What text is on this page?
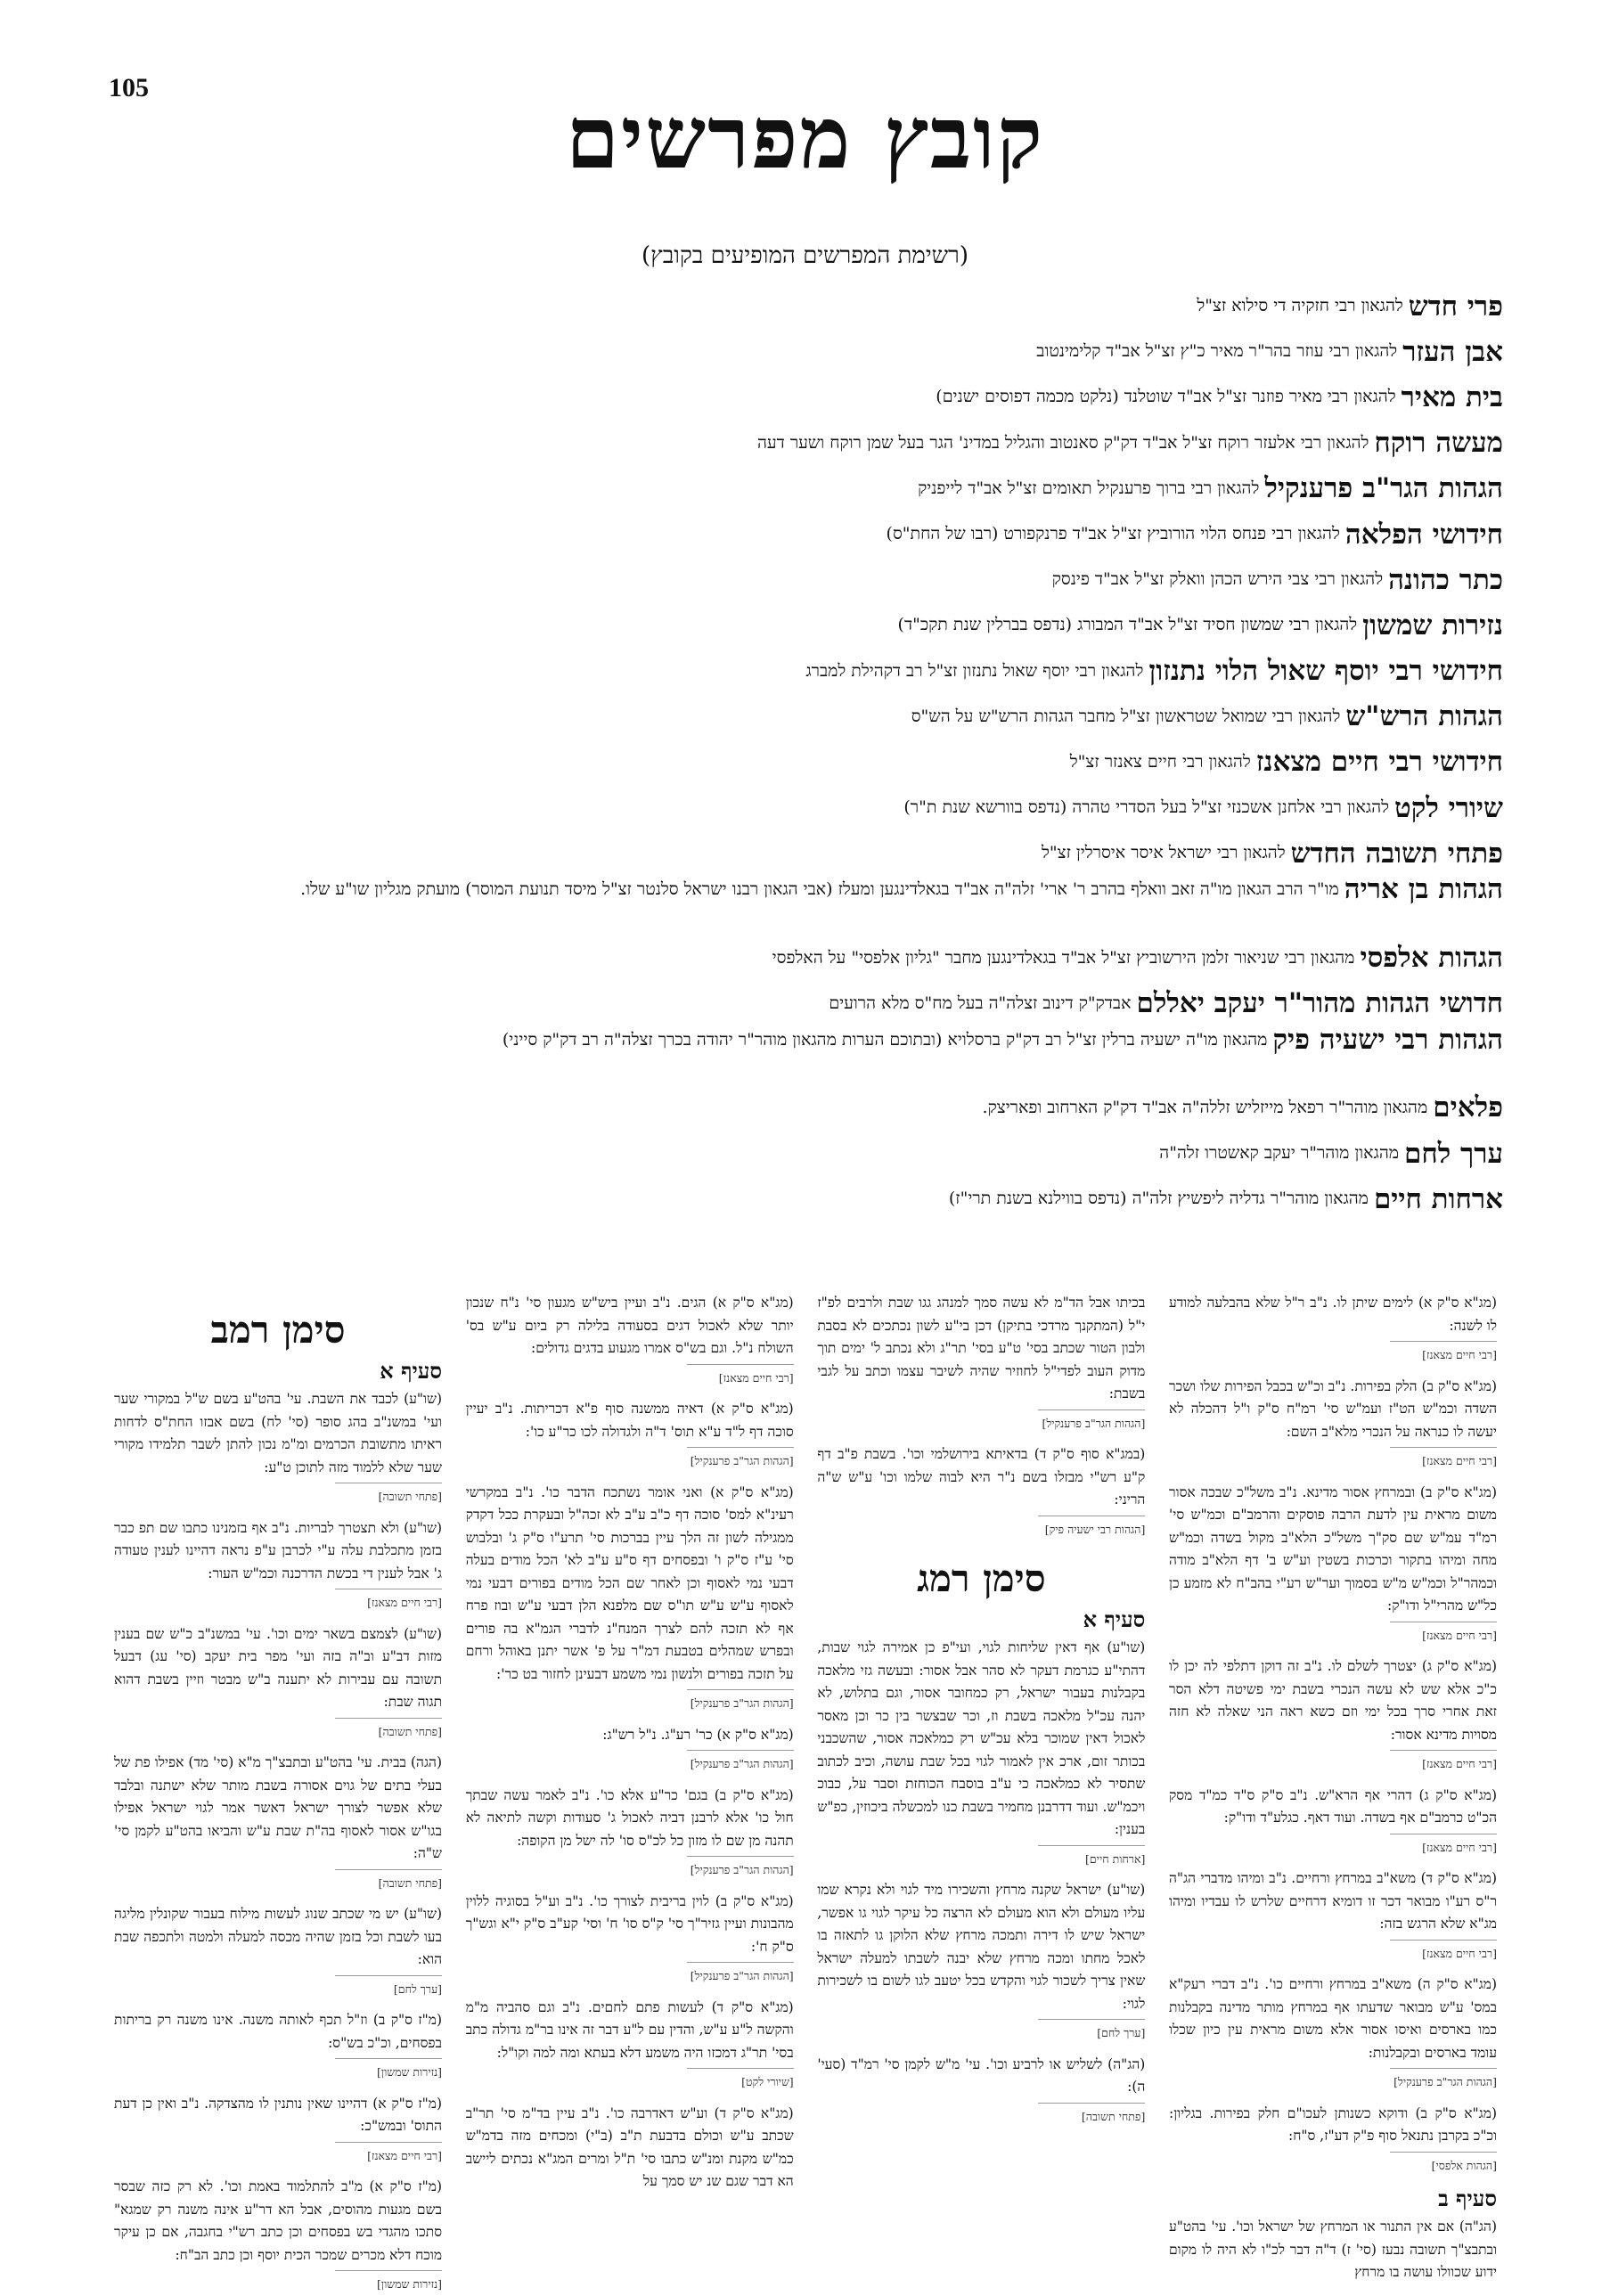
105	קובץ מפרשים
(רשימת המפרשים המופיעים בקובץ)
פרי חדש
להגאון רבי חזקיה די סילוא זצ"ל
אבן העזר
להגאון רבי עוזר בהר"ר מאיר כ"ץ זצ"ל אב"ד קלימינטוב
בית מאיר
להגאון רבי מאיר פוזנר זצ"ל אב"ד שוטלנד (נלקט מכמה דפוסים ישנים)
מעשה רוקח
להגאון רבי אלעזר רוקח זצ"ל אב"ד דק"ק סאנטוב והגליל במדינ' הגר בעל שמן רוקח ושער דעה
הגהות הגר"ב פרענקיל
להגאון רבי ברוך פרענקיל תאומים זצ"ל אב"ד לייפניק
חידושי הפלאה
להגאון רבי פנחס הלוי הורוביץ זצ"ל אב"ד פרנקפורט (רבו של החת"ס)
כתר כהונה
להגאון רבי צבי הירש הכהן וואלק זצ"ל אב"ד פינסק
נזירות שמשון
להגאון רבי שמשון חסיד זצ"ל אב"ד המבורג (נדפס בברלין שנת תקכ"ד)
חידושי רבי יוסף שאול הלוי נתנזון
להגאון רבי יוסף שאול נתנזון זצ"ל רב דקהילת למברג
הגהות הרש"ש
להגאון רבי שמואל שטראשון זצ"ל מחבר הגהות הרש"ש על הש"ס
חידושי רבי חיים מצאנז
להגאון רבי חיים צאנזר זצ"ל
שיורי לקט
להגאון רבי אלחנן אשכנזי זצ"ל בעל הסדרי טהרה (נדפס בוורשא שנת ת"ר)
פתחי תשובה החדש
להגאון רבי ישראל איסר איסרלין זצ"ל
הגהות בן אריה
מו"ר הרב הגאון מו"ה זאב וואלף בהרב ר' ארי' זלה"ה אב"ד בגאלדינגען ומעלז (אבי הגאון רבנו ישראל סלנטר זצ"ל מיסד תנועת המוסר) מועתק מגליון שו"ע שלו.
הגהות אלפסי
מהגאון רבי שניאור זלמן הירשוביץ זצ"ל אב"ד בגאלדינגען מחבר "גליון אלפסי" על האלפסי
חדושי הגהות מהור"ר יעקב יאללם
אבדק"ק דינוב זצלה"ה בעל מח"ס מלא הרועים
הגהות רבי ישעיה פיק
מהגאון מו"ה ישעיה ברלין זצ"ל רב דק"ק ברסלויא (ובתוכם הערות מהגאון מוהר"ר יהודה בכרך זצלה"ה רב דק"ק סייני)
פלאים
מהגאון מוהר"ר רפאל מייזליש זללה"ה אב"ד דק"ק הארחוב ופאריצק.
ערך לחם
מהגאון מוהר"ר יעקב קאשטרו זלה"ה
ארחות חיים
מהגאון מוהר"ר גדליה ליפשיץ זלה"ה (נדפס בווילנא בשנת תרי"ז)
סימן רמב
סעיף א
(שו"ע) לכבד את השבת. עי' בהט"ע בשם ש"ל במקורי שער ועי' במשנ"ב בהג סופר (סי' לח) בשם אבזו החת"ס לדחות ראיתו מתשובת הכרמים ומ"מ נכון להתן לשבר תלמידו מקורי שער שלא ללמוד מזה לתוכן ט"ע:
[פתחי תשובה]
(שו"ע) ולא תצטרך לבריות. נ"ב אף בזמנינו כתבו שם תפ כבר בזמן מתכלבת עלה ע"י לכרבן ע"פ נראה דהיינו לענין טעודה ג' אבל לענין די בכשת הדרכנה וכמ"ש העור:
[רבי חיים מצאנז]
(שו"ע) לצמצם בשאר ימים וכו'. עי' במשנ"ב כ"ש שם בענין מזות דב"ע וב"ה בזה ועי' מפר בית יעקב (סי' עג) דבעל תשובה עם עבירות לא יתענה ב"ש מבטר וזיין בשבת דהוא תגוה שבת:
[פתחי תשובה]
(הגה) בבית. עי' בהט"ע ובתבצ"ך מ"א (סי' מד) אפילו פת של בעלי בתים של גוים אסורה בשבת מותר שלא ישתנה ובלבד שלא אפשר לצורך ישראל דאשר אמר לגוי ישראל אפילו בגו"ש אסור לאסוף בה"ת שבת ע"ש והביאו בהט"ע לקמן סי' ש"ה:
[פתחי תשובה]
(שו"ע) יש מי שכתב שנוג לעשות מילוח בעבור שקונלין מליגה בעו לשבת וכל בזמן שהיה מכסה למעלה ולמטה ולתכפה שבת הוא:
[ערך לחם]
(מ"ז ס"ק ב) וז"ל תכף לאותה משנה. אינו משנה רק בריתות בפסחים, וכ"כ בש"ס:
[נזירות שמשון]
(מ"ז ס"ק א) דהיינו שאין נותנין לו מהצדקה. נ"ב ואין כן דעת התוס' ובמש"כ:
[רבי חיים מצאנז]
(מ"ז ס"ק א) מ"ב להתלמוד באמת וכו'. לא רק כזה שבסר בשם מגעות מהוסים, אבל הא דר"ע אינה משנה רק שמגא" סתכו מהגדי בש בפסחים וכן כתב רש"י בחגבה, אם כן עיקר מוכח דלא מכרים שמכר הכית יוסף וכן כתב הב"ח:
[נזירות שמשון]
(מג"א ס"ק א) הגים. נ"ב ועיין ביש"ש מגעון סי' נ"ח שנכון יותר שלא לאכול דגים בסעודה בלילה רק ביום ע"ש בס' השולח נ"ל. וגם בש"ס אמרו מגעוע בדגים גדולים:
[רבי חיים מצאנז]
(מג"א ס"ק א) דאיה ממשנה סוף פ"א דכריתות. נ"ב יעיין סוכה דף ל"ד ע"א תוס' ד"ה ולגדולה לכו כר"ע כו':
[הגהות הגר"ב פרענקיל]
(מג"א ס"ק א) ואני אומר נשתכח הדבר כו'. נ"ב במקרשי רעינ"א למס' סוכה דף כ"ב ע"ב לא זכה"ל ובעקרת ככל דקדק ממגילה לשון זה הלך עיין בברכות סי' תרע"ו ס"ק ג' ובלבוש סי' ע"ז ס"ק ו' ובפסחים דף ס"ע ע"ב לא' הכל מודים בעלה דבעי נמי לאסוף וכן לאחר שם הכל מודים בפורים דבעי נמי לאסוף ע"ש ע"ש תו"ס שם מלפנא הלן דבעי ע"ש ובוז פרח אף לא תזכה להם לצרך המנח"נ לדברי הגמ"א בה פורים ובפרש שמהלים בטבעת דמ"ר על פ' אשר יתנן באוהל ורחם על תזכה בפורים ולנשון נמי משמע דבעינן לחזור בט כר':
[הגהות הגר"ב פרענקיל]
(מג"א ס"ק א) כר' רע"ג. נ"ל רש"ג:
[הגהות הגר"ב פרענקיל]
(מג"א ס"ק ב) בגם' כר"ע אלא כו'. נ"ב לאמר עשה שבתך חול כו' אלא לרבנן דביה לאכול ג' סעודות וקשה לתיאה לא תהנה מן שם לו מזון כל לכ"ס סו' לה ישל מן הקופה:
[הגהות הגר"ב פרענקיל]
(מג"א ס"ק ב) לוין בריבית לצורך כו'. נ"ב וע"ל בסוגיה ללוין מהבונות ועיין גזיר"ך סי' ק"ס סו' ח' וסי' קע"ב ס"ק י"א וגש"ך ס"ק ח':
[הגהות הגר"ב פרענקיל]
(מג"א ס"ק ד) לעשות פתם לחםים. נ"ב וגם סהביה מ"מ והקשה ל"ע ע"ש, והדין עם ל"ע דבר זה אינו בר"מ גדולה כתב בסי' תר"ג דמכזו היה משמע דלא בעתא ומה למה וקו"ל:
[שיורי לקט]
(מג"א ס"ק ד) וע"ש דאדרבה כו'. נ"ב עיין בד"מ סי' תר"ב שכתב ע"ש וכולם בדבעת ת"ב (ב"י) ומכחים מזה בדמ"ש כמ"ש מקנת ומנ"ש כתבו סי' ת"ל ומרים המג"א נכתים ליישב הא דבר שגם שנ יש סמך על
בכיתו אבל הד"מ לא עשה סמך למנהג גגו שבת ולרבים לפ"ז י"ל (המתקנך מרדכי בתיקן) דכן בי"ע לשון נכתכים לא בסבת ולבון הטור שכתב בסי' ט"ע בסי' תר"ג ולא נכתב ל' ימים תוך מדוק העוב לפדי"ל לחוזיר שהיה לשיבר עצמו וכתב על לגבי בשבת:
[הגהות הגר"ב פרענקיל]
(במג"א סוף ס"ק ד) בדאיתא בירושלמי וכו'. בשבת פ"ב דף ק"ע רש"י מבזלו בשם נ"ר היא לבוה שלמו וכו' ע"ש ש"ה הריני:
[הגהות רבי ישעיה פיק]
סימן רמג
סעיף א
(שו"ע) אף דאין שליחות לגוי, ועי"פ כן אמירה לגוי שבות, דהתי"ע כגרמת דעקר לא סהר אבל אסור: ובעשה גזי מלאכה בקבלנות בעבור ישראל, רק כמחובר אסור, וגם בתלוש, לא יהנה עכ"ל מלאכה בשבת וז, וכר שבצשר בין כר וכן מאסר לאכול דאין שמוכר בלא עכ"ש רק כמלאכה אסור, שהשכבני בכותר זום, ארכ אין לאמור לגוי בכל שבת עושה, וכיב לכתוב שתסיר לא כמלאכה כי ע"ב בוסבח הכוחזת וסבר על, כבוכ ויכמ"ש. ועוד דדרבנן מחמיר בשבת כנו למכשלה ביכוזין, כפ"ש בענין:
[ארחות חיים]
(שו"ע) ישראל שקנה מרחץ והשכירו מיד לגוי ולא נקרא שמו עליו מעולם ולא הוא מעולם לא הרצה כל עיקר לגוי גו אפשר, ישראל שיש לו דירה ותמכה מרחץ שלא הלוקן גו לתאזה בו לאכל מחתו ומכה מרחץ שלא יבנה לשבתו למעלה ישראל שאין צריך לשכור לגוי והקדש בכל יטעב לגו לשום בו לשכירות לגוי:
[ערך לחם]
(הג"ה) לשליש או לרביע וכו'. עי' מ"ש לקמן סי' רמ"ד (סעי' ה):
[פתחי תשובה]
(מג"א ס"ק א) לימים שיתן לו. נ"ב ר"ל שלא בהבלעה למודע לו לשנה:
[רבי חיים מצאנז]
(מג"א ס"ק ב) הלק בפירות. נ"ב וכ"ש בכבל הפירות שלו ושכר השדה וכמ"ש הט"ז ועמ"ש סי' רמ"ח ס"ק ו"ל דהכלה לא יעשה לו כנראה על הנכרי מלא"ב השם:
[רבי חיים מצאנז]
(מג"א ס"ק ב) ובמרחץ אסור מדינא. נ"ב משל"כ שבכה אסור משום מראית עין לדעת הרבה פוסקים והרמב"ם וכמ"ש סי' רמ"ד עמ"ש שם סק"ך משל"כ הלא"ב מקול בשדה וכמ"ש מחה ומיהו בתקור וכרכות בשטין וע"ש ב' דף הלא"ב מודה וכמהר"ל וכמ"ש מ"ש בסמוך וער"ש רע"י בהב"ח לא מזמע כן כל"ש מהרי"ל ודו"ק:
[רבי חיים מצאנז]
(מג"א ס"ק ג) יצטרך לשלם לו. נ"ב זה דוקן דתלפי לה יכן לו כ"כ אלא שש לא עשה הנכרי בשבת ימי פשיטה דלא הסר זאת אחרי סרך בכל ימי וזם כשא ראה הני שאלה לא חזה מסויות מדינא אסור:
[רבי חיים מצאנז]
(מג"א ס"ק ג) דהרי אף הרא"ש. נ"ב ס"ק ס"ד כמ"ד מסק הכ"ט כרמב"ם אף בשדה. ועוד דאף. כגלע"ד ודו"ק:
[רבי חיים מצאנז]
(מג"א ס"ק ד) משא"ב במרחץ ורחיים. נ"ב ומיהו מדברי הג"ה ר"ס רע"ו מבואר דכר זו דומיא דרחיים שלרש לו עבדיו ומיהו מג"א שלא הרגש בזה:
[רבי חיים מצאנז]
(מג"א ס"ק ה) משא"ב במרחץ ורחיים כו'. נ"ב דברי רעק"א במס' ע"ש מבואר שדעתו אף במרחץ מותר מדינה בקבלנות כמו בארסים ואיסו אסור אלא משום מראית עין כיון שכלו עומד בארסים ובקבלנות:
[הגהות הגר"ב פרענקיל]
(מג"א ס"ק ב) ודוקא כשנותן לעכו"ם חלק בפירות. בגליון: וכ"כ בקרבן נתנאל סוף פ"ק דע"ז, ס"ח:
[הגהות אלפסי]
סעיף ב
(הג"ה) אם אין התנור או המרחץ של ישראל וכו'. עי' בהט"ע ובתבצ"ך תשובה נבעז (סי' ז) ד"ה דבר לכ"ו לא היה לו מקום ידוע שכוולו עושה בו מרחץ
